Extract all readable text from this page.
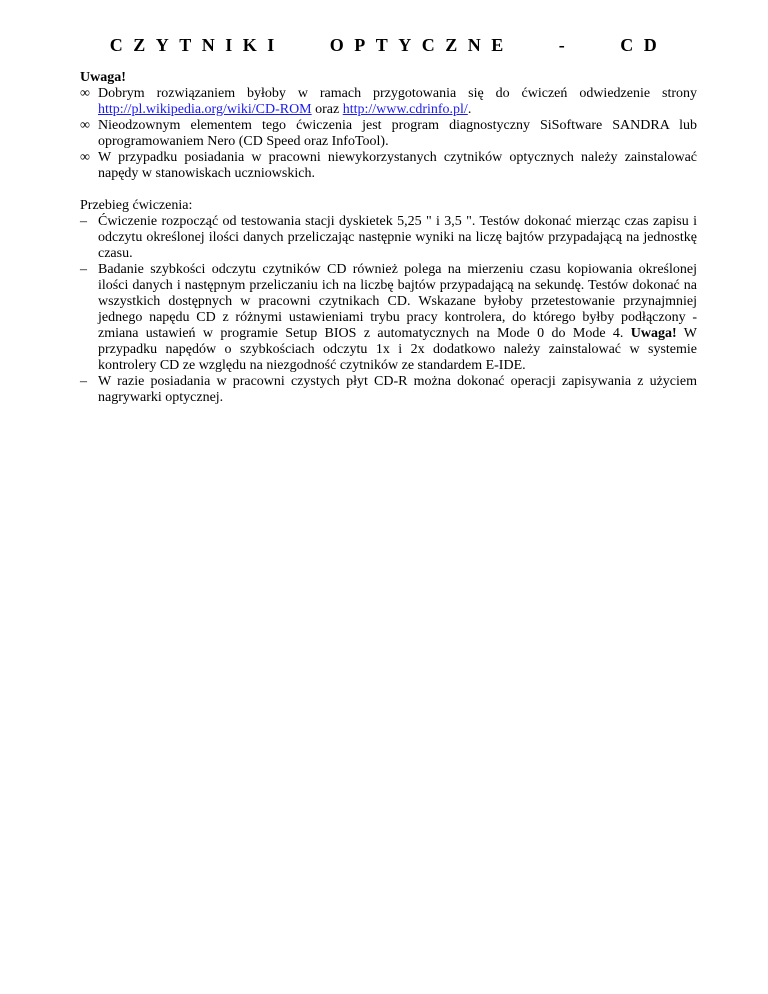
CZYTNIKI OPTYCZNE - CD

Uwaga!

∞ Dobrym rozwiązaniem byłoby w ramach przygotowania się do ćwiczeń odwiedzenie strony http://pl.wikipedia.org/wiki/CD-ROM oraz http://www.cdrinfo.pl/.
∞ Nieodzownym elementem tego ćwiczenia jest program diagnostyczny SiSoftware SANDRA lub oprogramowaniem Nero (CD Speed oraz InfoTool).
∞ W przypadku posiadania w pracowni niewykorzystanych czytników optycznych należy zainstalować napędy w stanowiskach uczniowskich.

Przebieg ćwiczenia:

– Ćwiczenie rozpocząć od testowania stacji dyskietek 5,25 " i 3,5 ". Testów dokonać mierząc czas zapisu i odczytu określonej ilości danych przeliczając następnie wyniki na liczę bajtów przypadającą na jednostkę czasu.
– Badanie szybkości odczytu czytników CD również polega na mierzeniu czasu kopiowania określonej ilości danych i następnym przeliczaniu ich na liczbę bajtów przypadającą na sekundę. Testów dokonać na wszystkich dostępnych w pracowni czytnikach CD. Wskazane byłoby przetestowanie przynajmniej jednego napędu CD z różnymi ustawieniami trybu pracy kontrolera, do którego byłby podłączony - zmiana ustawień w programie Setup BIOS z automatycznych na Mode 0 do Mode 4. Uwaga! W przypadku napędów o szybkościach odczytu 1x i 2x dodatkowo należy zainstalować w systemie kontrolery CD ze względu na niezgodność czytników ze standardem E-IDE.
– W razie posiadania w pracowni czystych płyt CD-R można dokonać operacji zapisywania z użyciem nagrywarki optycznej.
